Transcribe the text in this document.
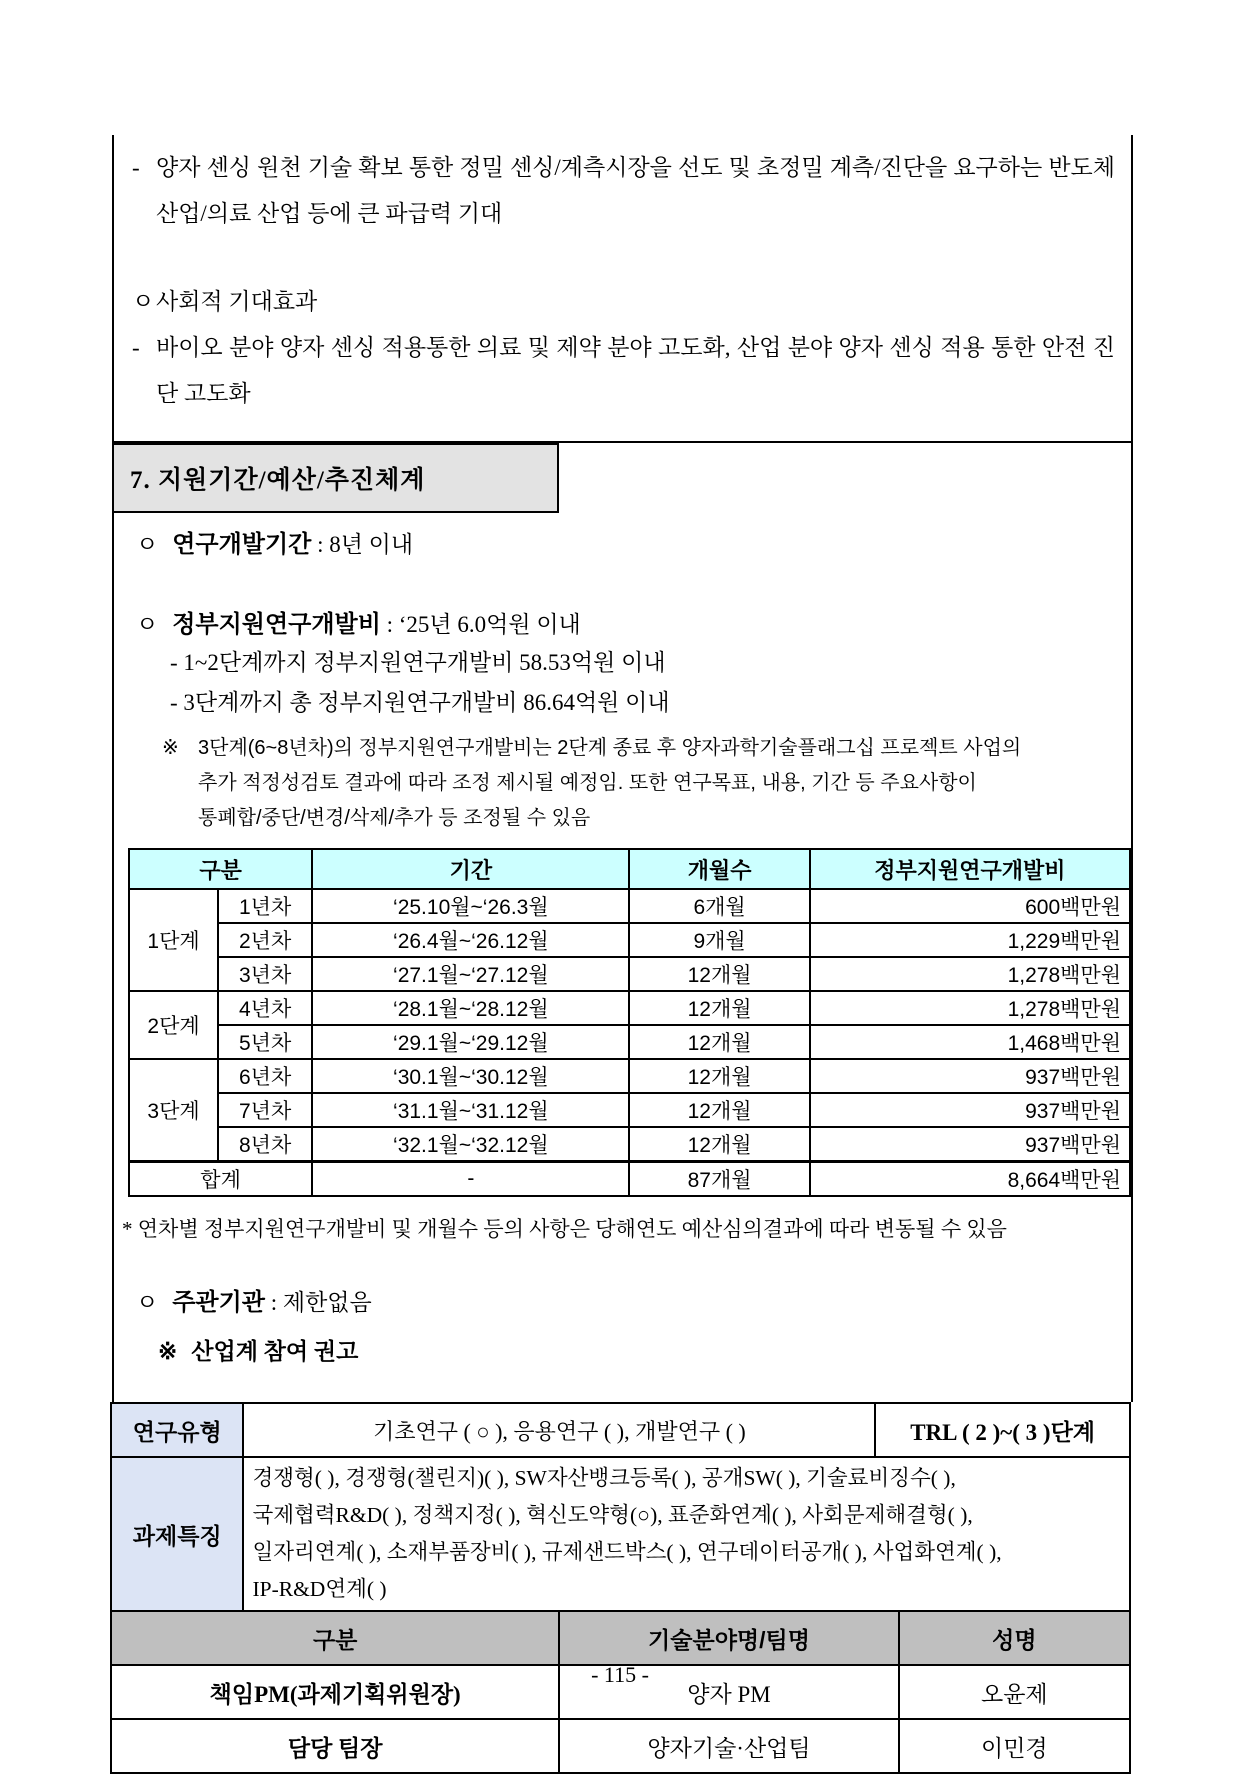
- 양자 센싱 원천 기술 확보 통한 정밀 센싱/계측시장을 선도 및 초정밀 계측/진단을 요구하는 반도체 산업/의료 산업 등에 큰 파급력 기대
ㅇ 사회적 기대효과
- 바이오 분야 양자 센싱 적용통한 의료 및 제약 분야 고도화, 산업 분야 양자 센싱 적용 통한 안전 진단 고도화
7. 지원기간/예산/추진체계
ㅇ 연구개발기간 : 8년 이내
ㅇ 정부지원연구개발비 : ‘25년 6.0억원 이내
- 1~2단계까지 정부지원연구개발비 58.53억원 이내
- 3단계까지 총 정부지원연구개발비 86.64억원 이내
※ 3단계(6~8년차)의 정부지원연구개발비는 2단계 종료 후 양자과학기술플래그십 프로젝트 사업의
추가 적정성검토 결과에 따라 조정 제시될 예정임. 또한 연구목표, 내용, 기간 등 주요사항이
통폐합/중단/변경/삭제/추가 등 조정될 수 있음
구분		기간	개월수	정부지원연구개발비
1단계	1년차	‘25.10월~‘26.3월	6개월	600백만원
	2년차	‘26.4월~‘26.12월	9개월	1,229백만원
	3년차	‘27.1월~‘27.12월	12개월	1,278백만원
2단계	4년차	‘28.1월~‘28.12월	12개월	1,278백만원
	5년차	‘29.1월~‘29.12월	12개월	1,468백만원
3단계	6년차	‘30.1월~‘30.12월	12개월	937백만원
	7년차	‘31.1월~‘31.12월	12개월	937백만원
	8년차	‘32.1월~‘32.12월	12개월	937백만원
합계		-	87개월	8,664백만원
* 연차별 정부지원연구개발비 및 개월수 등의 사항은 당해연도 예산심의결과에 따라 변동될 수 있음
ㅇ 주관기관 : 제한없음
※ 산업계 참여 권고
연구유형	기초연구 ( ○ ), 응용연구 ( ), 개발연구 ( )	TRL ( 2 )~( 3 )단계
과제특징	경쟁형( ), 경쟁형(챌린지)( ), SW자산뱅크등록( ), 공개SW( ), 기술료비징수( ),
국제협력R&D( ), 정책지정( ), 혁신도약형(○), 표준화연계( ), 사회문제해결형( ),
일자리연계( ), 소재부품장비( ), 규제샌드박스( ), 연구데이터공개( ), 사업화연계( ),
IP-R&D연계( )	
구분	기술분야명/팀명	성명
책임PM(과제기획위원장)	양자 PM	오윤제
담당 팀장	양자기술·산업팀	이민경
- 115 -
